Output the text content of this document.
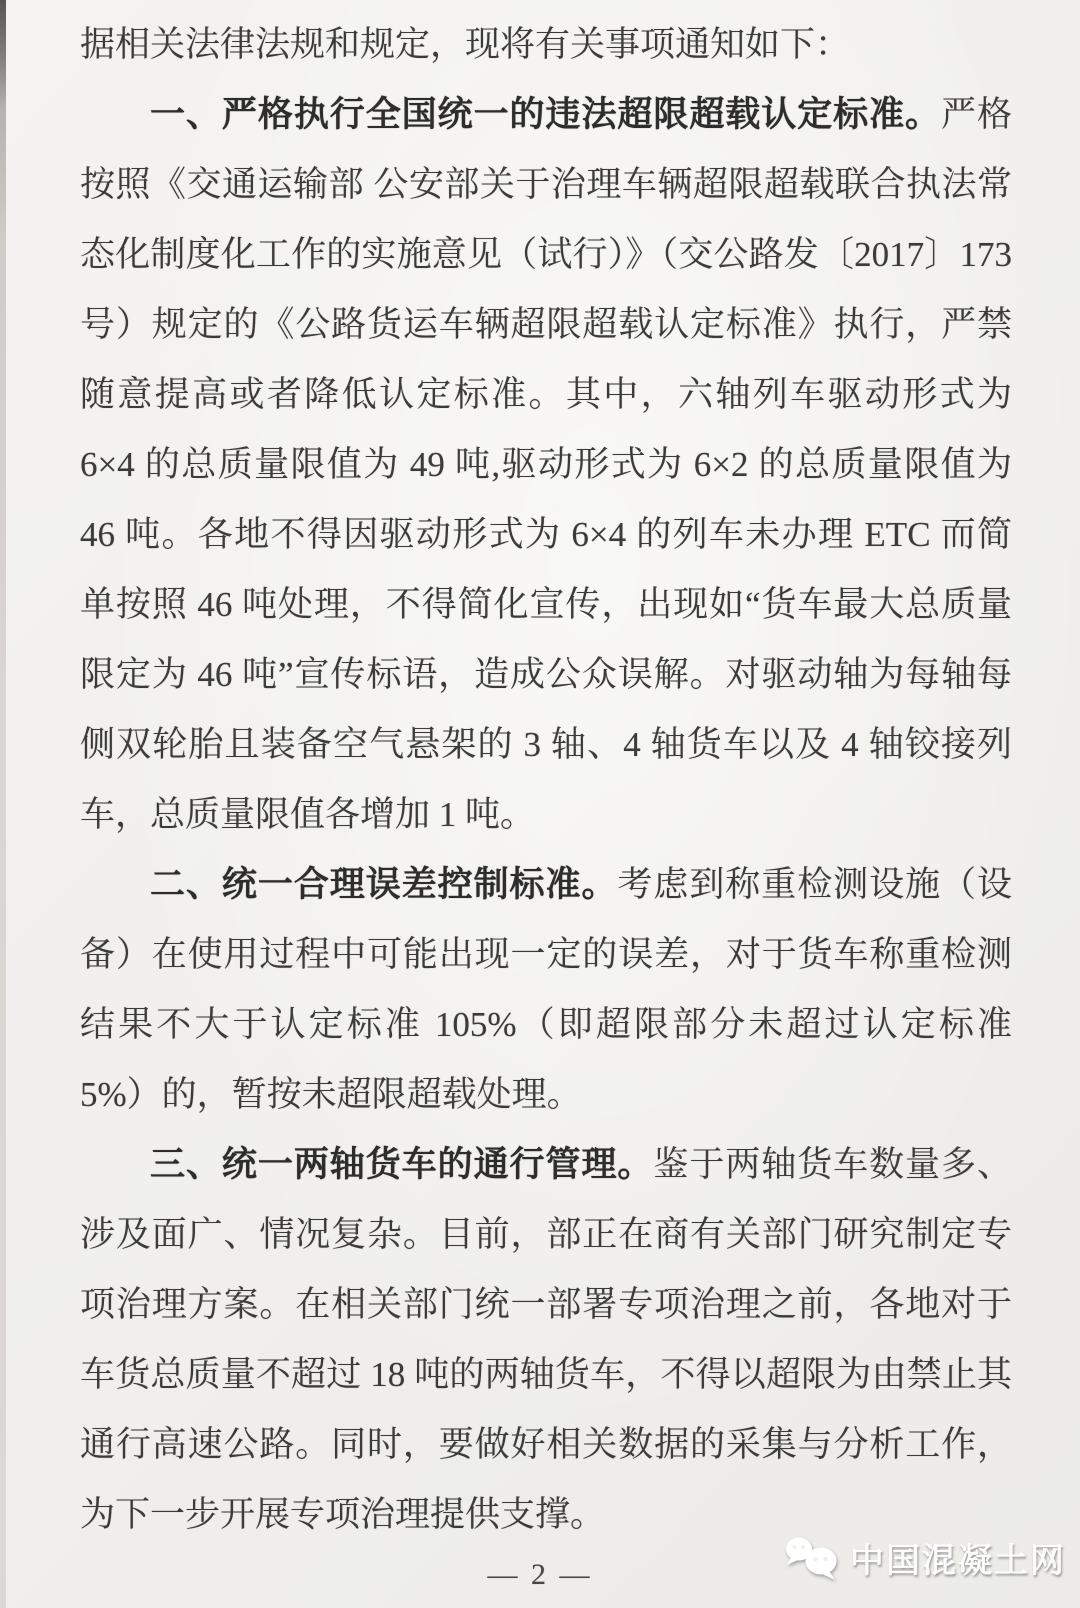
据相关法律法规和规定，现将有关事项通知如下：

一、严格执行全国统一的违法超限超载认定标准。严格按照《交通运输部 公安部关于治理车辆超限超载联合执法常态化制度化工作的实施意见（试行）》（交公路发〔2017〕173号）规定的《公路货运车辆超限超载认定标准》执行，严禁随意提高或者降低认定标准。其中，六轴列车驱动形式为 6×4 的总质量限值为 49 吨,驱动形式为 6×2 的总质量限值为 46 吨。各地不得因驱动形式为 6×4 的列车未办理 ETC 而简单按照 46 吨处理，不得简化宣传，出现如“货车最大总质量限定为 46 吨”宣传标语，造成公众误解。对驱动轴为每轴每侧双轮胎且装备空气悬架的 3 轴、4 轴货车以及 4 轴铰接列车，总质量限值各增加 1 吨。

二、统一合理误差控制标准。考虑到称重检测设施（设备）在使用过程中可能出现一定的误差，对于货车称重检测结果不大于认定标准 105%（即超限部分未超过认定标准 5%）的，暂按未超限超载处理。

三、统一两轴货车的通行管理。鉴于两轴货车数量多、涉及面广、情况复杂。目前，部正在商有关部门研究制定专项治理方案。在相关部门统一部署专项治理之前，各地对于车货总质量不超过 18 吨的两轴货车，不得以超限为由禁止其通行高速公路。同时，要做好相关数据的采集与分析工作，为下一步开展专项治理提供支撑。

— 2 —	中国混凝土网
